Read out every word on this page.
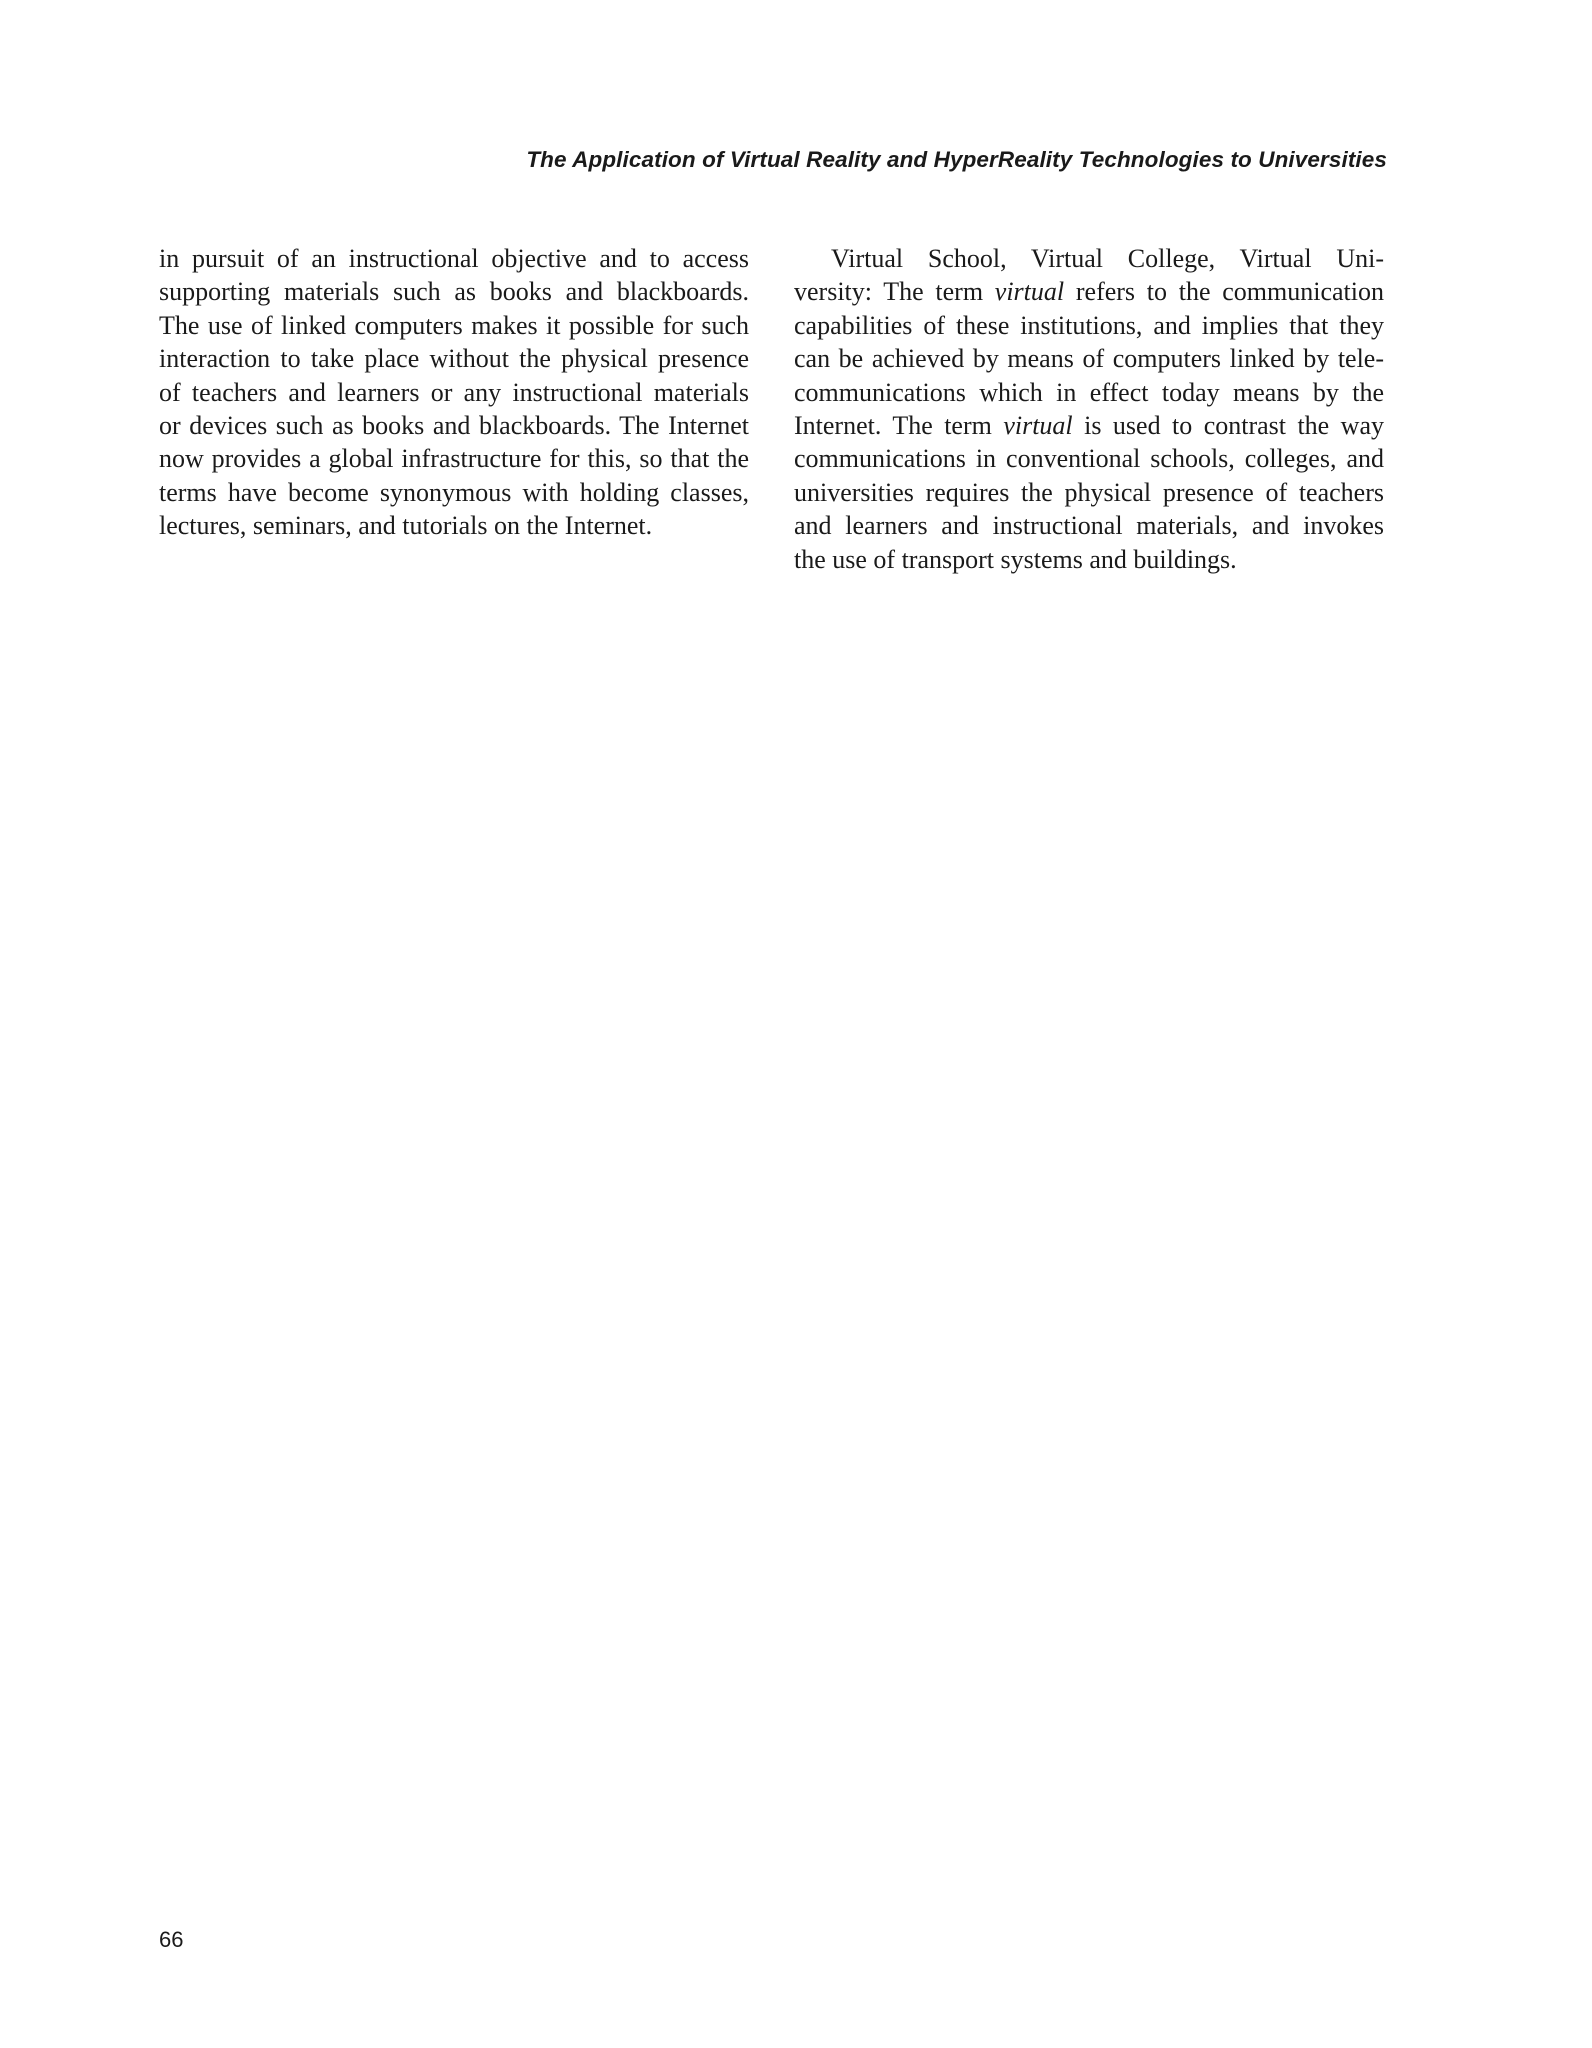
The Application of Virtual Reality and HyperReality Technologies to Universities
in pursuit of an instructional objective and to access
supporting materials such as books and blackboards.
The use of linked computers makes it possible for such
interaction to take place without the physical presence
of teachers and learners or any instructional materials
or devices such as books and blackboards. The Internet
now provides a global infrastructure for this, so that the
terms have become synonymous with holding classes,
lectures, seminars, and tutorials on the Internet.
Virtual School, Virtual College, Virtual Uni-
versity: The term virtual refers to the communication
capabilities of these institutions, and implies that they
can be achieved by means of computers linked by tele-
communications which in effect today means by the
Internet. The term virtual is used to contrast the way
communications in conventional schools, colleges, and
universities requires the physical presence of teachers
and learners and instructional materials, and invokes
the use of transport systems and buildings.
66
